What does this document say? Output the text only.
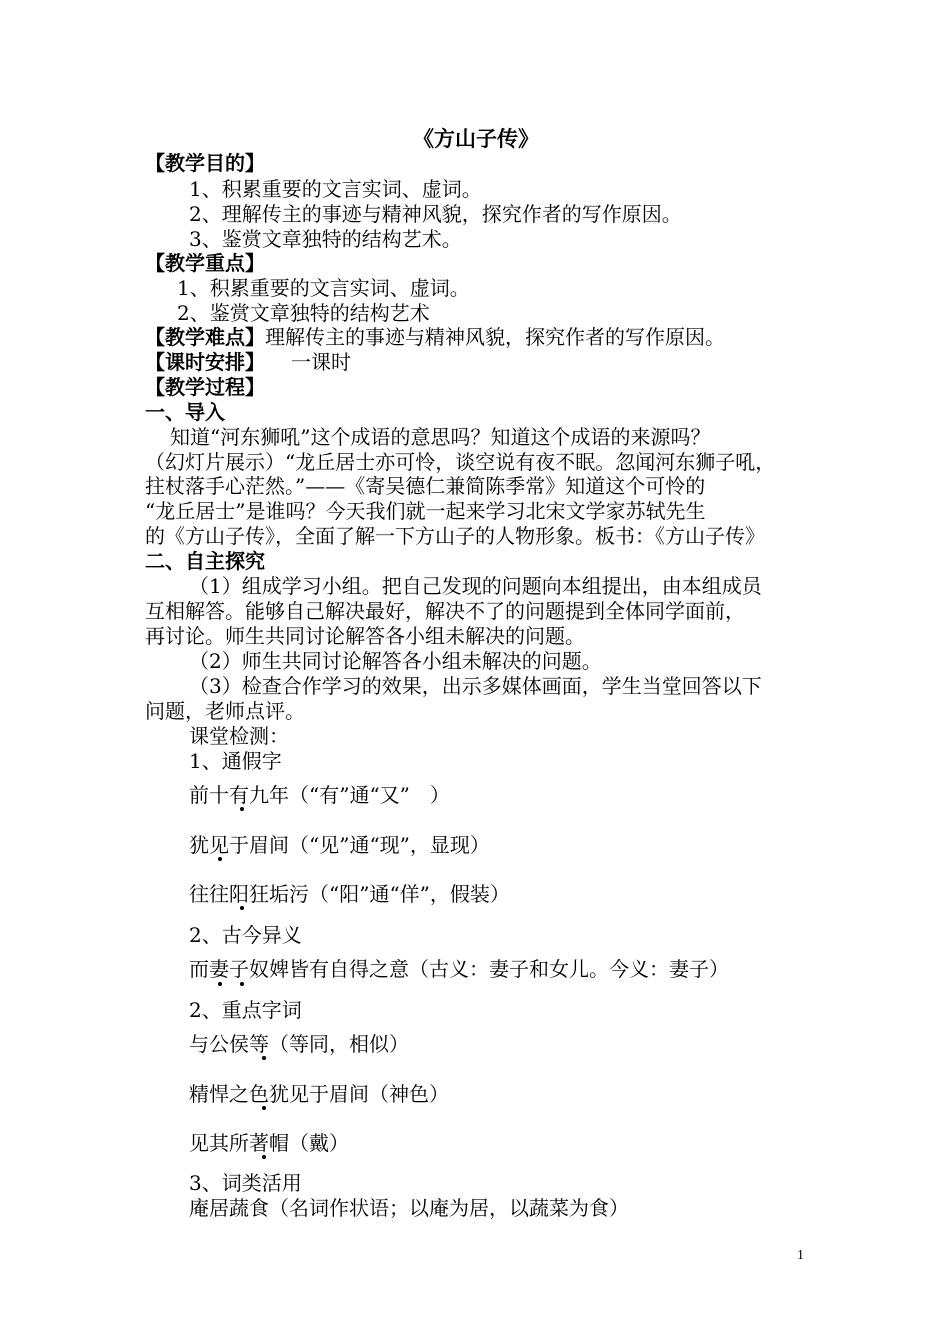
《方山子传》
【教学目的】
1、积累重要的文言实词、虚词。
2、理解传主的事迹与精神风貌，探究作者的写作原因。
3、鉴赏文章独特的结构艺术。
【教学重点】
1、积累重要的文言实词、虚词。
2、鉴赏文章独特的结构艺术
【教学难点】理解传主的事迹与精神风貌，探究作者的写作原因。
【课时安排】 一课时
【教学过程】
一、导入
知道“河东狮吼”这个成语的意思吗？知道这个成语的来源吗？
（幻灯片展示）“龙丘居士亦可怜，谈空说有夜不眠。忽闻河东狮子吼，
拄杖落手心茫然。”——《寄吴德仁兼简陈季常》知道这个可怜的
“龙丘居士”是谁吗？今天我们就一起来学习北宋文学家苏轼先生
的《方山子传》，全面了解一下方山子的人物形象。板书：《方山子传》
二、自主探究
（1）组成学习小组。把自己发现的问题向本组提出，由本组成员
互相解答。能够自己解决最好，解决不了的问题提到全体同学面前，
再讨论。师生共同讨论解答各小组未解决的问题。
（2）师生共同讨论解答各小组未解决的问题。
（3）检查合作学习的效果，出示多媒体画面，学生当堂回答以下
问题，老师点评。
课堂检测：
1、通假字
前十有九年（“有”通“又”　）
犹见于眉间（“见”通“现”，显现）
往往阳狂垢污（“阳”通“佯”，假装）
2、古今异义
而妻子奴婢皆有自得之意（古义：妻子和女儿。今义：妻子）
2、重点字词
与公侯等（等同，相似）
精悍之色犹见于眉间（神色）
见其所著帽（戴）
3、词类活用
庵居蔬食（名词作状语；以庵为居，以蔬菜为食）
1
